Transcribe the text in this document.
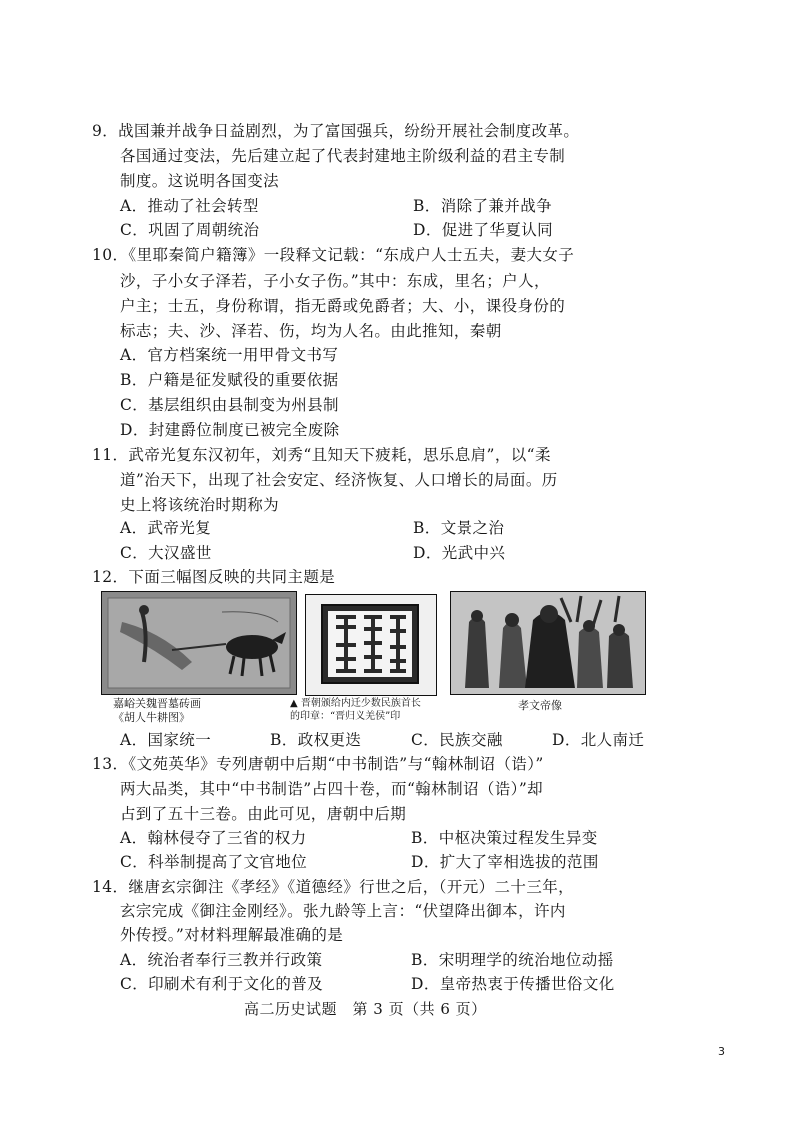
9．战国兼并战争日益剧烈，为了富国强兵，纷纷开展社会制度改革。
各国通过变法，先后建立起了代表封建地主阶级利益的君主专制
制度。这说明各国变法
A．推动了社会转型	B．消除了兼并战争
C．巩固了周朝统治	D．促进了华夏认同
10．《里耶秦简户籍簿》一段释文记载：“东成户人士五夫，妻大女子
沙，子小女子泽若，子小女子伤。”其中：东成，里名；户人，
户主；士五，身份称谓，指无爵或免爵者；大、小，课役身份的
标志；夫、沙、泽若、伤，均为人名。由此推知，秦朝
A．官方档案统一用甲骨文书写
B．户籍是征发赋役的重要依据
C．基层组织由县制变为州县制
D．封建爵位制度已被完全废除
11．武帝光复东汉初年，刘秀“且知天下疲耗，思乐息肩”，以“柔
道”治天下，出现了社会安定、经济恢复、人口增长的局面。历
史上将该统治时期称为
A．武帝光复	B．文景之治
C．大汉盛世	D．光武中兴
12．下面三幅图反映的共同主题是
嘉峪关魏晋墓砖画
《胡人牛耕图》
▲ 晋朝颁给内迁少数民族首长
的印章：“晋归义羌侯”印
孝文帝像
A．国家统一	B．政权更迭	C．民族交融	D．北人南迁
13．《文苑英华》专列唐朝中后期“中书制诰”与“翰林制诏（诰）”
两大品类，其中“中书制诰”占四十卷，而“翰林制诏（诰）”却
占到了五十三卷。由此可见，唐朝中后期
A．翰林侵夺了三省的权力	B．中枢决策过程发生异变
C．科举制提高了文官地位	D．扩大了宰相选拔的范围
14．继唐玄宗御注《孝经》《道德经》行世之后，（开元）二十三年，
玄宗完成《御注金刚经》。张九龄等上言：“伏望降出御本，许内
外传授。”对材料理解最准确的是
A．统治者奉行三教并行政策	B．宋明理学的统治地位动摇
C．印刷术有利于文化的普及	D．皇帝热衷于传播世俗文化
高二历史试题　第 3 页（共 6 页）
3
